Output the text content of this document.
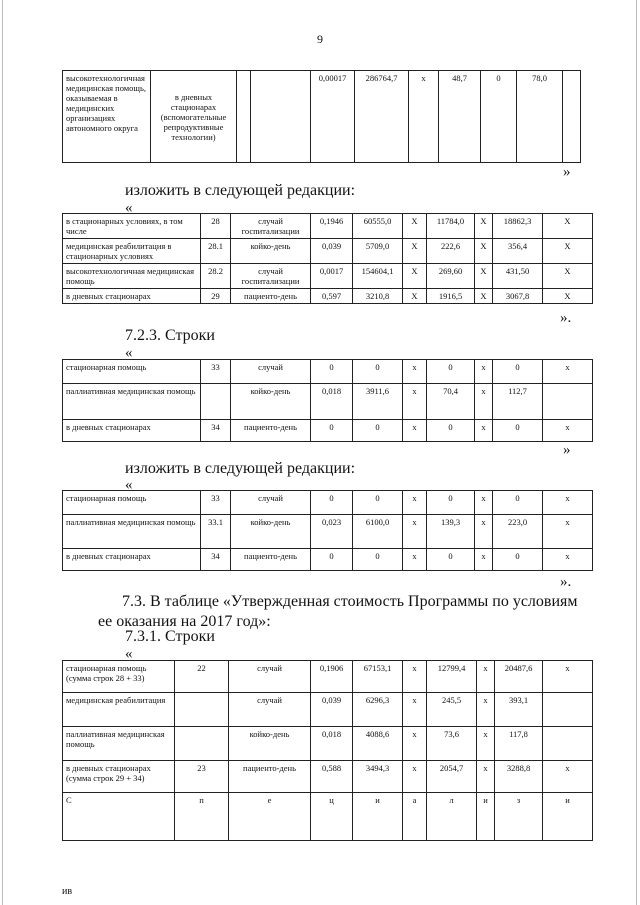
9
высокотехнологичная медицинская помощь, оказываемая в медицинских организациях автономного округа	в дневных стационарах (вспомогательные репродуктивные технологии)			0,00017	286764,7	х	48,7	0	78,0	
»
изложить в следующей редакции:
«
в стационарных условиях, в том числе	28	случай госпитализации	0,1946	60555,0	Х	11784,0	Х	18862,3	Х
медицинская реабилитация в стационарных условиях	28.1	койко-день	0,039	5709,0	Х	222,6	Х	356,4	Х
высокотехнологичная медицинская помощь	28.2	случай госпитализации	0,0017	154604,1	Х	269,60	Х	431,50	Х
в дневных стационарах	29	пациенто-день	0,597	3210,8	Х	1916,5	Х	3067,8	Х
».
7.2.3. Строки
«
стационарная помощь	33	случай	0	0	х	0	х	0	х
паллиативная медицинская помощь		койко-день	0,018	3911,6	х	70,4	х	112,7	
в дневных стационарах	34	пациенто-день	0	0	х	0	х	0	х
»
изложить в следующей редакции:
«
стационарная помощь	33	случай	0	0	х	0	х	0	х
паллиативная медицинская помощь	33.1	койко-день	0,023	6100,0	х	139,3	х	223,0	х
в дневных стационарах	34	пациенто-день	0	0	х	0	х	0	х
».
7.3. В таблице «Утвержденная стоимость Программы по условиям ее оказания на 2017 год»:
7.3.1. Строки
«
стационарная помощь (сумма строк 28 + 33)	22	случай	0,1906	67153,1	х	12799,4	х	20487,6	х
медицинская реабилитация		случай	0,039	6296,3	х	245,5	х	393,1	
паллиативная медицинская помощь		койко-день	0,018	4088,6	х	73,6	х	117,8	
в дневных стационарах (сумма строк 29 + 34)	23	пациенто-день	0,588	3494,3	х	2054,7	х	3288,8	х
С	п	е	ц	и	а	л	и	з	и
ив
